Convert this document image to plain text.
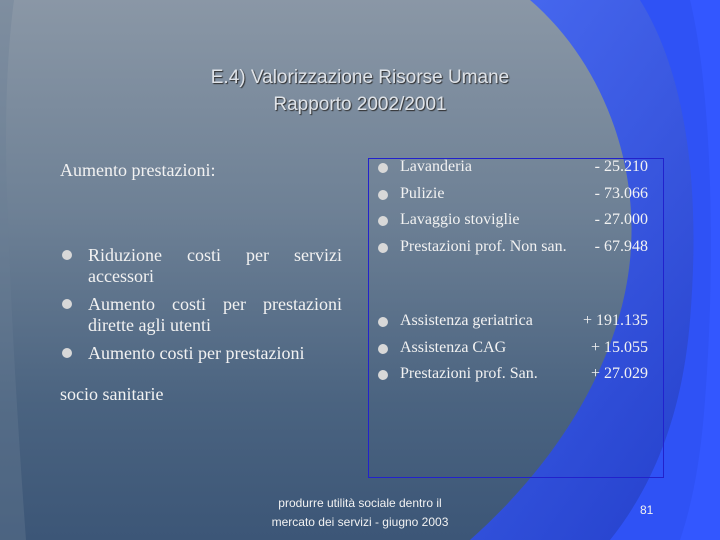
E.4) Valorizzazione Risorse Umane
Rapporto 2002/2001
Aumento prestazioni:
Riduzione costi per servizi accessori
Aumento costi per prestazioni dirette agli utenti
Aumento costi per prestazioni
socio sanitarie
Lavanderia	- 25.210
Pulizie	- 73.066
Lavaggio stoviglie	- 27.000
Prestazioni prof. Non san. - 67.948
Assistenza geriatrica	+ 191.135
Assistenza CAG	+ 15.055
Prestazioni prof. San.	+ 27.029
produrre utilità sociale dentro il
mercato dei servizi - giugno 2003
81
